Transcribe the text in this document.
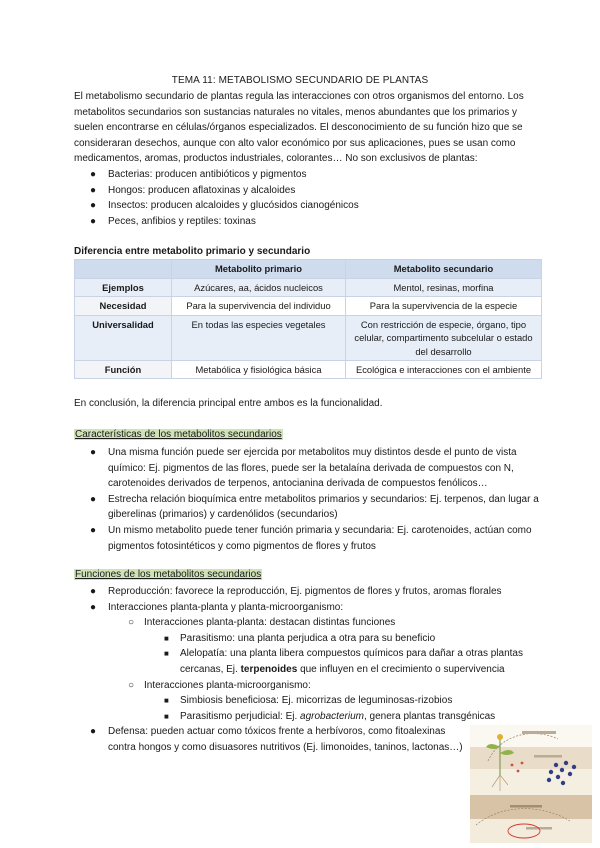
TEMA 11: METABOLISMO SECUNDARIO DE PLANTAS
El metabolismo secundario de plantas regula las interacciones con otros organismos del entorno. Los metabolitos secundarios son sustancias naturales no vitales, menos abundantes que los primarios y suelen encontrarse en células/órganos especializados. El desconocimiento de su función hizo que se consideraran desechos, aunque con alto valor económico por sus aplicaciones, pues se usan como medicamentos, aromas, productos industriales, colorantes… No son exclusivos de plantas:
● Bacterias: producen antibióticos y pigmentos
● Hongos: producen aflatoxinas y alcaloides
● Insectos: producen alcaloides y glucósidos cianogénicos
● Peces, anfibios y reptiles: toxinas
Diferencia entre metabolito primario y secundario
	Metabolito primario	Metabolito secundario
Ejemplos	Azúcares, aa, ácidos nucleicos	Mentol, resinas, morfina
Necesidad	Para la supervivencia del individuo	Para la supervivencia de la especie
Universalidad	En todas las especies vegetales	Con restricción de especie, órgano, tipo celular, compartimento subcelular o estado del desarrollo
Función	Metabólica y fisiológica básica	Ecológica e interacciones con el ambiente
En conclusión, la diferencia principal entre ambos es la funcionalidad.
Características de los metabolitos secundarios
● Una misma función puede ser ejercida por metabolitos muy distintos desde el punto de vista químico: Ej. pigmentos de las flores, puede ser la betalaína derivada de compuestos con N, carotenoides derivados de terpenos, antocianina derivada de compuestos fenólicos…
● Estrecha relación bioquímica entre metabolitos primarios y secundarios: Ej. terpenos, dan lugar a giberelinas (primarios) y cardenólidos (secundarios)
● Un mismo metabolito puede tener función primaria y secundaria: Ej. carotenoides, actúan como pigmentos fotosintéticos y como pigmentos de flores y frutos
Funciones de los metabolitos secundarios
● Reproducción: favorece la reproducción, Ej. pigmentos de flores y frutos, aromas florales
● Interacciones planta-planta y planta-microorganismo:
○ Interacciones planta-planta: destacan distintas funciones
■ Parasitismo: una planta perjudica a otra para su beneficio
■ Alelopatía: una planta libera compuestos químicos para dañar a otras plantas cercanas, Ej. terpenoides que influyen en el crecimiento o supervivencia
○ Interacciones planta-microorganismo:
■ Simbiosis beneficiosa: Ej. micorrizas de leguminosas-rizobios
■ Parasitismo perjudicial: Ej. agrobacterium, genera plantas transgénicas
● Defensa: pueden actuar como tóxicos frente a herbívoros, como fitoalexinas contra hongos y como disuasores nutritivos (Ej. limonoides, taninos, lactonas…)
